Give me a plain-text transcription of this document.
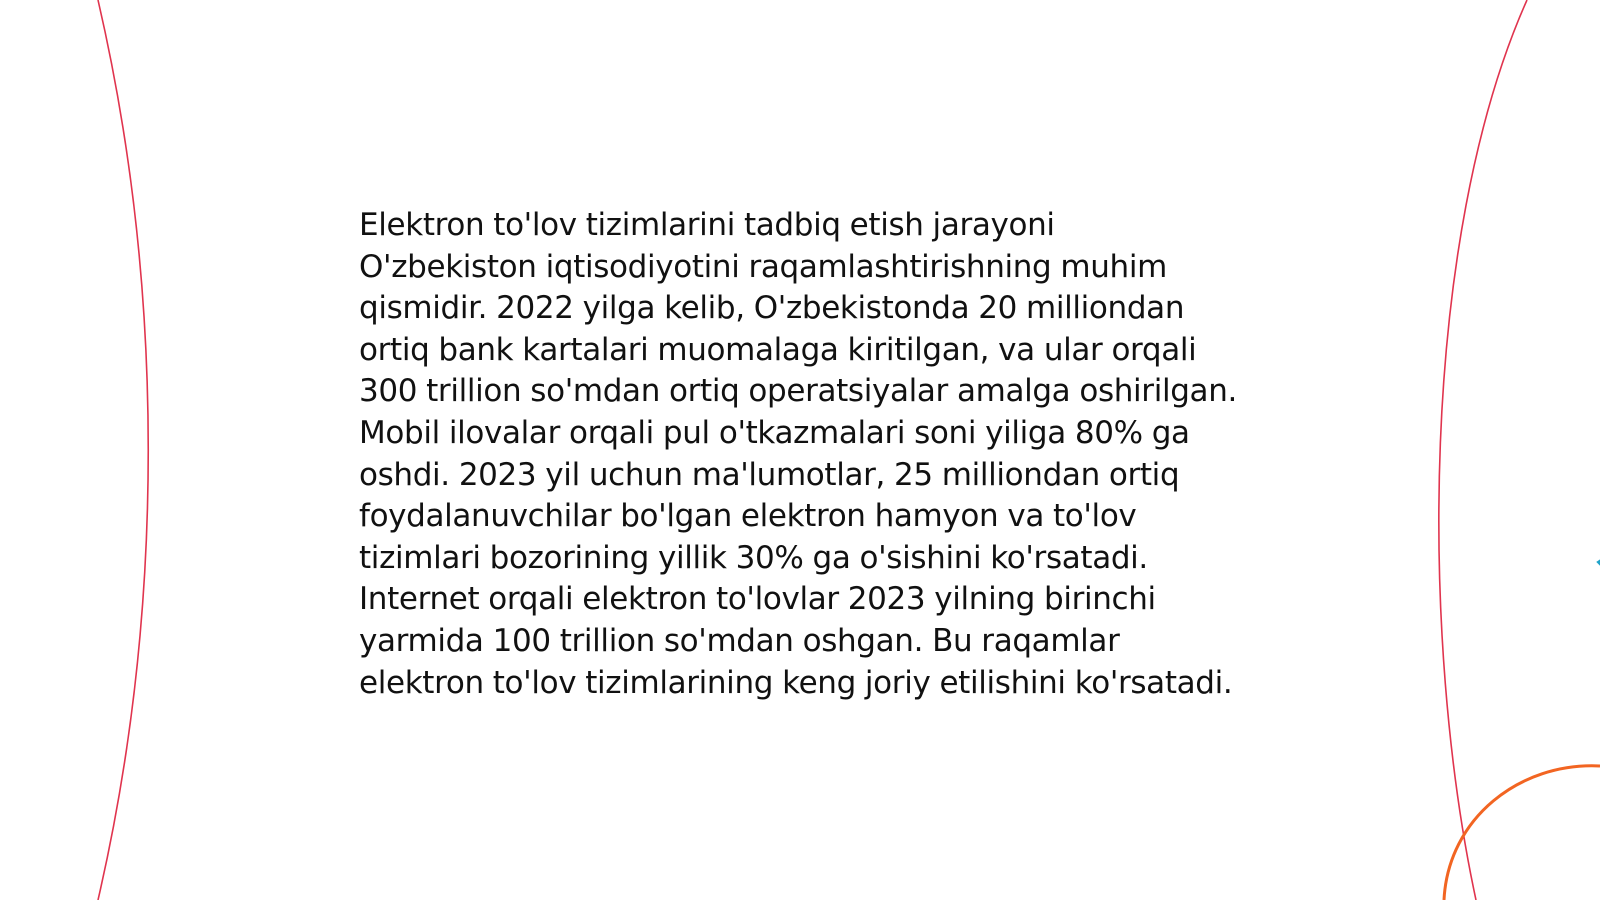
Elektron to'lov tizimlarini tadbiq etish jarayoni O'zbekiston iqtisodiyotini raqamlashtirishning muhim qismidir. 2022 yilga kelib, O'zbekistonda 20 milliondan ortiq bank kartalari muomalaga kiritilgan, va ular orqali 300 trillion so'mdan ortiq operatsiyalar amalga oshirilgan. Mobil ilovalar orqali pul o'tkazmalari soni yiliga 80% ga oshdi. 2023 yil uchun ma'lumotlar, 25 milliondan ortiq foydalanuvchilar bo'lgan elektron hamyon va to'lov tizimlari bozorining yillik 30% ga o'sishini ko'rsatadi. Internet orqali elektron to'lovlar 2023 yilning birinchi yarmida 100 trillion so'mdan oshgan. Bu raqamlar elektron to'lov tizimlarining keng joriy etilishini ko'rsatadi.
